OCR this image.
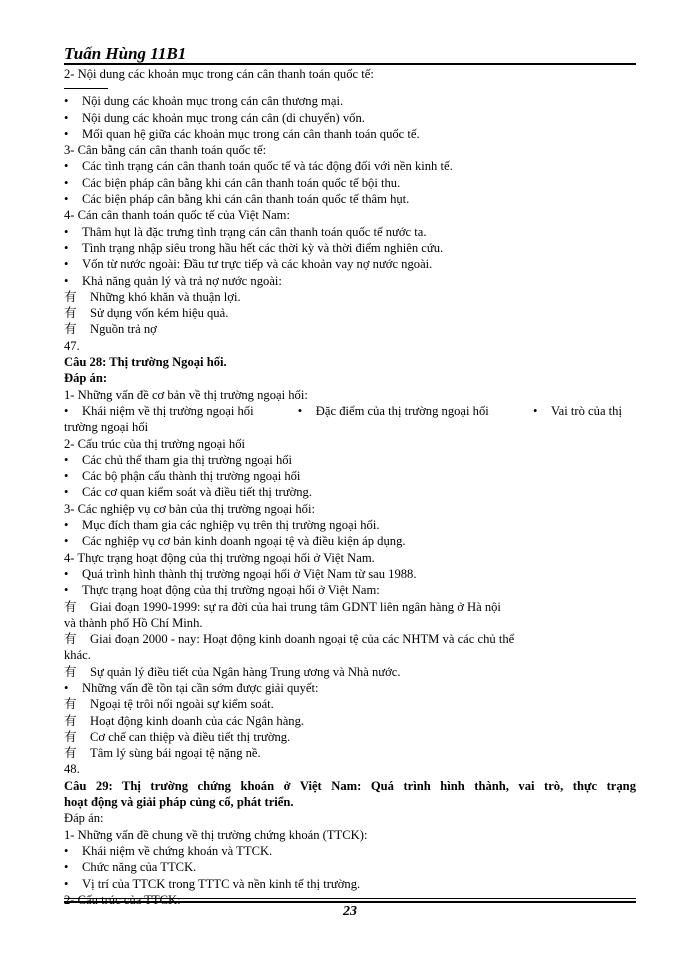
Tuấn Hùng 11B1
2- Nội dung các khoản mục trong cán cân thanh toán quốc tế:
• Nội dung các khoản mục trong cán cân thương mại.
• Nội dung các khoản mục trong cán cân (di chuyển) vốn.
• Mối quan hệ giữa các khoản mục trong cán cân thanh toán quốc tế.
3- Cân bằng cán cân thanh toán quốc tế:
• Các tình trạng cán cân thanh toán quốc tế và tác động đối với nền kinh tế.
• Các biện pháp cân bằng khi cán cân thanh toán quốc tế bội thu.
• Các biện pháp cân bằng khi cán cân thanh toán quốc tế thâm hụt.
4- Cán cân thanh toán quốc tế của Việt Nam:
• Thâm hụt là đặc trưng tình trạng cán cân thanh toán quốc tế nước ta.
• Tình trạng nhập siêu trong hầu hết các thời kỳ và thời điểm nghiên cứu.
• Vốn từ nước ngoài: Đầu tư trực tiếp và các khoản vay nợ nước ngoài.
• Khả năng quản lý và trả nợ nước ngoài:
有 Những khó khăn và thuận lợi.
有 Sử dụng vốn kém hiệu quả.
有 Nguồn trả nợ
47.
Câu 28: Thị trường Ngoại hối.
Đáp án:
1- Những vấn đề cơ bản về thị trường ngoại hối:
• Khái niệm về thị trường ngoại hối	• Đặc điểm của thị trường ngoại hối	• Vai trò của thị
trường ngoại hối
2- Cấu trúc của thị trường ngoại hối
• Các chủ thể tham gia thị trường ngoại hối
• Các bộ phận cấu thành thị trường ngoại hối
• Các cơ quan kiểm soát và điều tiết thị trường.
3- Các nghiệp vụ cơ bản của thị trường ngoại hối:
• Mục đích tham gia các nghiệp vụ trên thị trường ngoại hối.
• Các nghiệp vụ cơ bản kinh doanh ngoại tệ và điều kiện áp dụng.
4- Thực trạng hoạt động của thị trường ngoại hối ở Việt Nam.
• Quá trình hình thành thị trường ngoại hối ở Việt Nam từ sau 1988.
• Thực trạng hoạt động của thị trường ngoại hối ở Việt Nam:
有 Giai đoạn 1990-1999: sự ra đời của hai trung tâm GDNT liên ngân hàng ở Hà nội
và thành phố Hồ Chí Minh.
有 Giai đoạn 2000 - nay: Hoạt động kinh doanh ngoại tệ của các NHTM và các chủ thể
khác.
有 Sự quản lý điều tiết của Ngân hàng Trung ương và Nhà nước.
• Những vấn đề tồn tại cần sớm được giải quyết:
有 Ngoại tệ trôi nổi ngoài sự kiểm soát.
有 Hoạt động kinh doanh của các Ngân hàng.
有 Cơ chế can thiệp và điều tiết thị trường.
有 Tâm lý sùng bái ngoại tệ nặng nề.
48.
Câu 29: Thị trường chứng khoán ở Việt Nam: Quá trình hình thành, vai trò, thực trạng
hoạt động và giải pháp củng cố, phát triển.
Đáp án:
1- Những vấn đề chung về thị trường chứng khoán (TTCK):
• Khái niệm về chứng khoán và TTCK.
• Chức năng của TTCK.
• Vị trí của TTCK trong TTTC và nền kinh tế thị trường.
2- Cấu trúc của TTCK:
23
